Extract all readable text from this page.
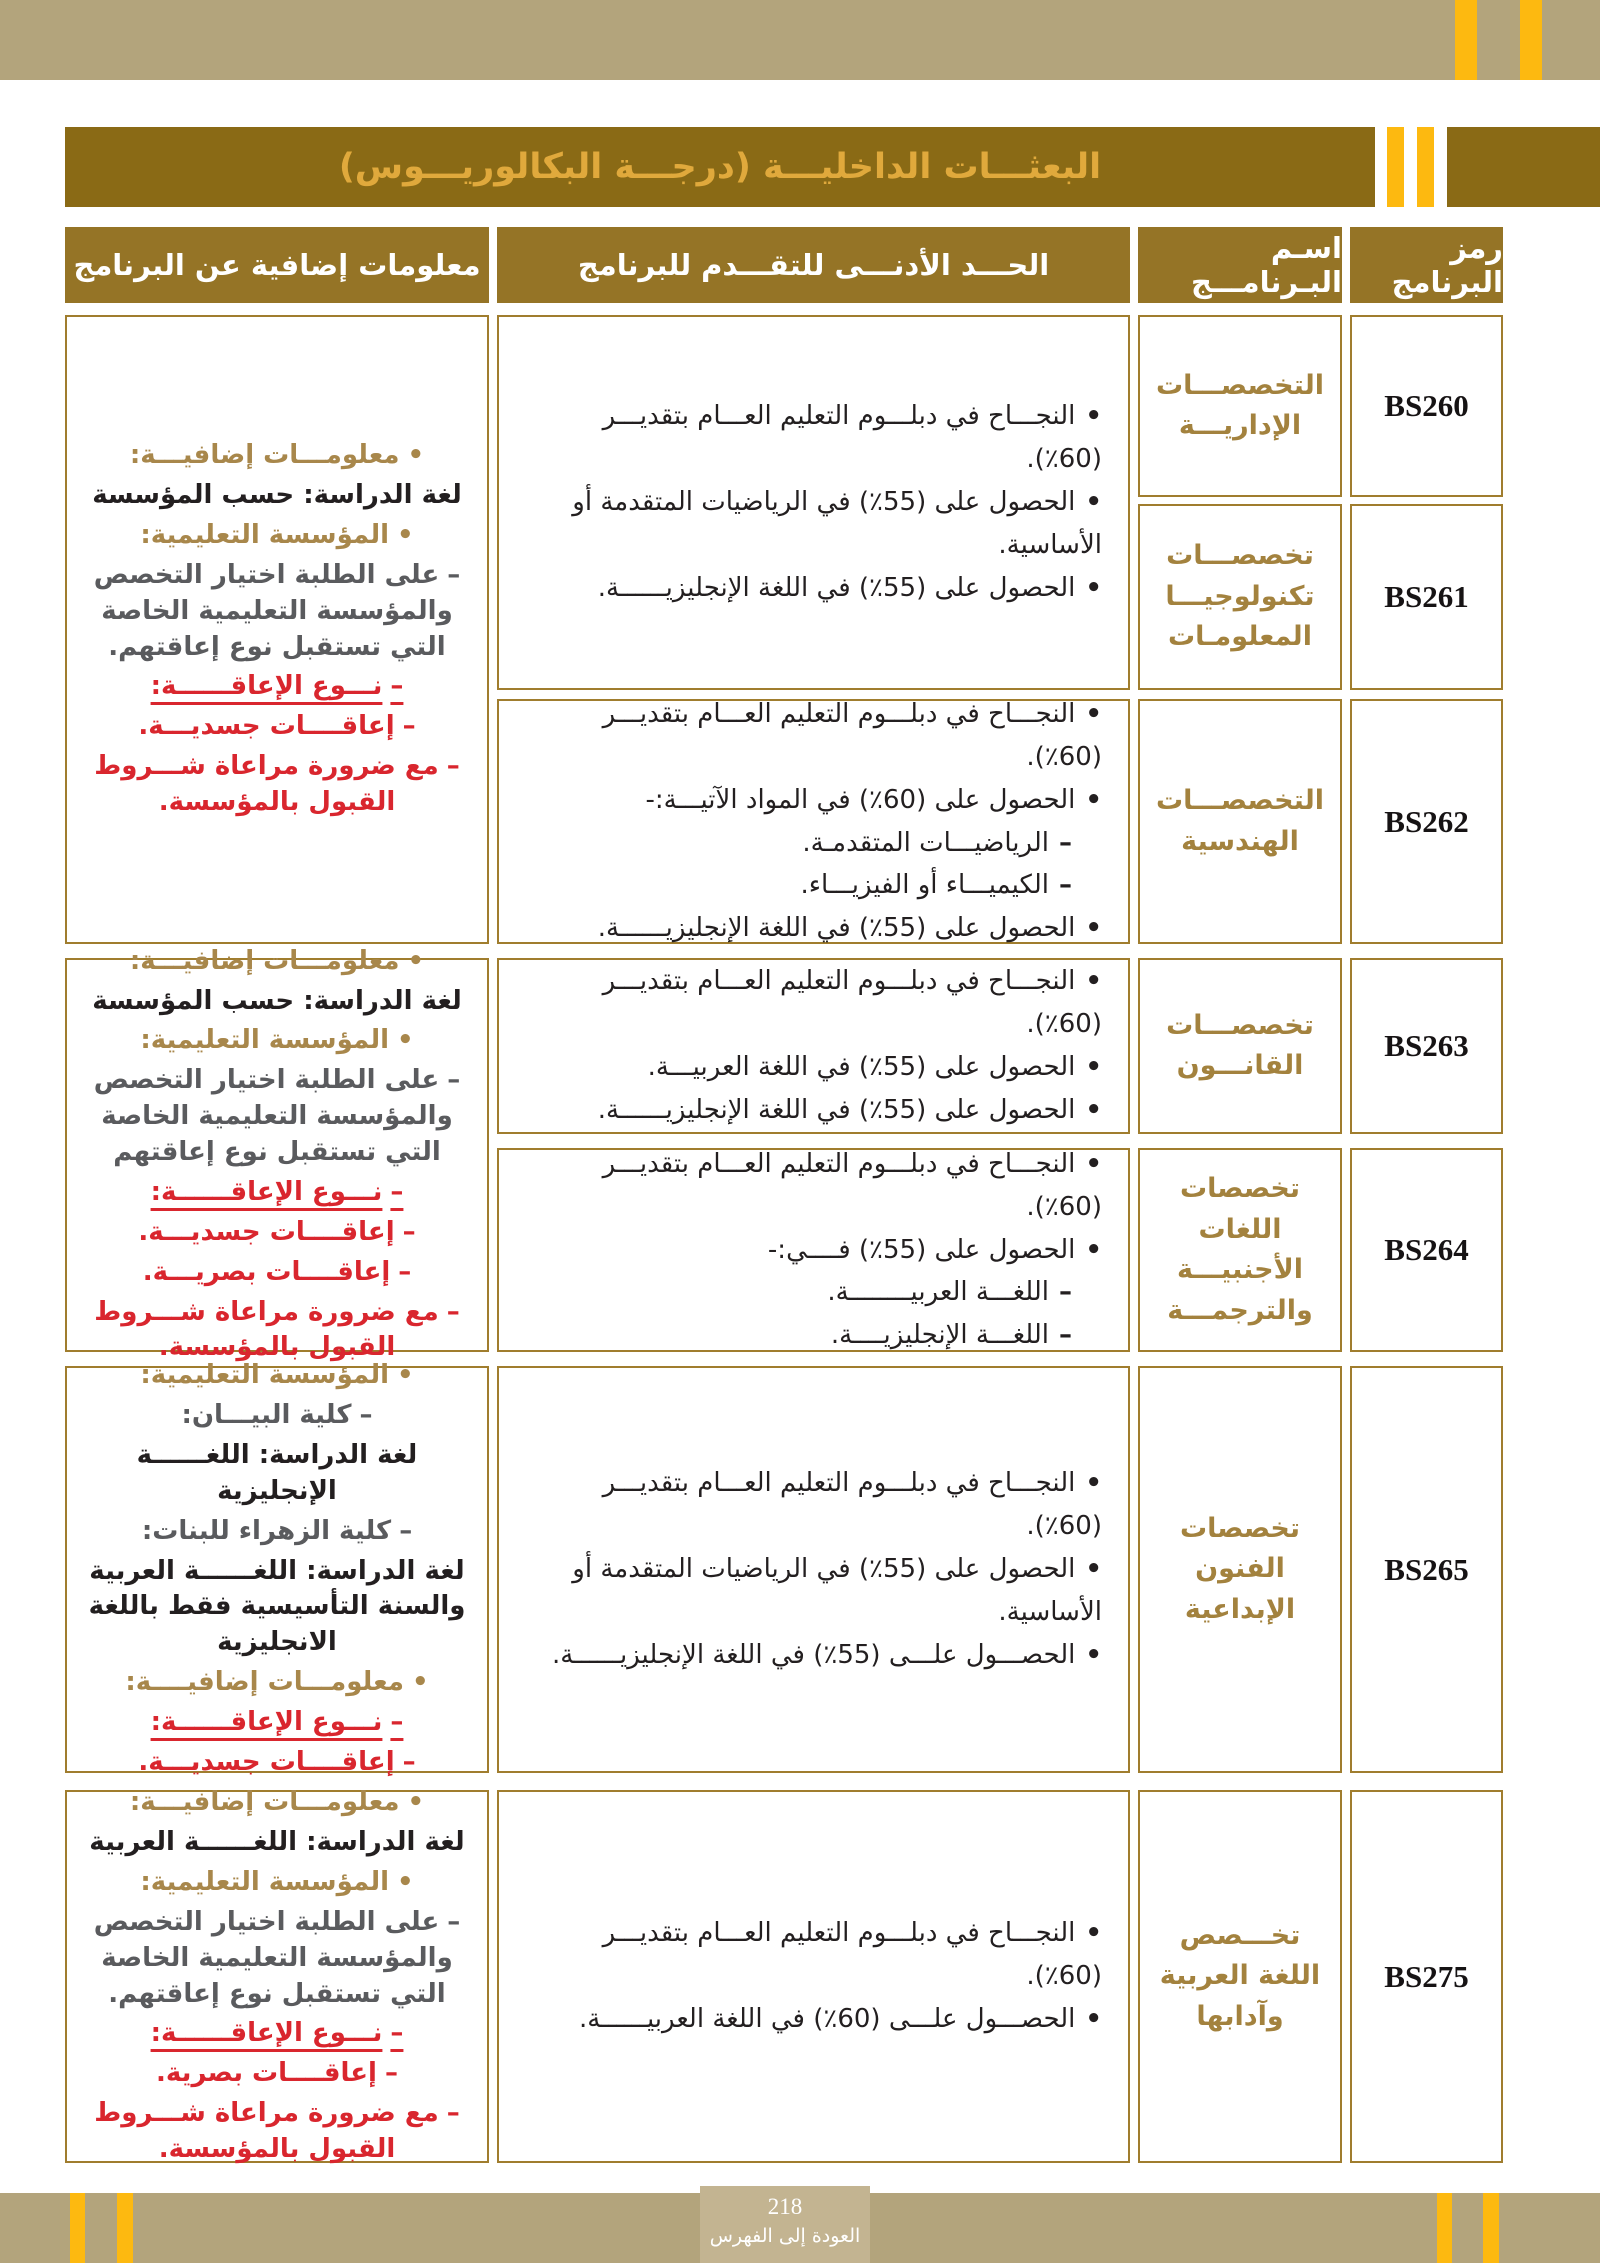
البعثـــات الداخليـــة (درجـــة البكالوريـــوس)
معلومات إضافية عن البرنامج	الحـــد الأدنـــى للتقـــدم للبرنامج	اسـم البـرنامـــج
رمز البرنامج
BS260
BS261
BS262
BS263
BS264
BS265
BS275
التخصصـــات الإداريـــة
تخصصـــات تكنولوجيـــا المعلومـات
التخصصـــات الهندسية
تخصصـــات القانـــون
تخصصات اللغات الأجنبيـــة والترجمـــة
تخصصات الفنون الإبداعية
تخـــصص اللغة العربية وآدابها
•النجـــاح في دبلـــوم التعليم العـــام بتقديـــر (60٪).
•الحصول على (55٪) في الرياضيات المتقدمة أو الأساسية.
•الحصول على (55٪) في اللغة الإنجليزيــــــة.
•النجـــاح في دبلـــوم التعليم العـــام بتقديـــر (60٪).
•الحصول على (60٪) في المواد الآتيـــة:-
–الرياضيـــات المتقدمـة.
–الكيميـــاء أو الفيزيـــاء.
•الحصول على (55٪) في اللغة الإنجليزيــــــة.
•النجـــاح في دبلـــوم التعليم العـــام بتقديـــر (60٪).
•الحصول على (55٪) في اللغة العربيـــة.
•الحصول على (55٪) في اللغة الإنجليزيــــــة.
•النجـــاح في دبلـــوم التعليم العـــام بتقديـــر (60٪).
•الحصول على (55٪) فــــي:-
–اللغـــة العربيــــــــة.
–اللغـــة الإنجليزيــــة.
•النجـــاح في دبلـــوم التعليم العـــام بتقديـــر (60٪).
•الحصول على (55٪) في الرياضيات المتقدمة أو الأساسية.
•الحصـــول علـــى (55٪) في اللغة الإنجليزيــــــة.
•النجـــاح في دبلـــوم التعليم العـــام بتقديـــر (60٪).
•الحصـــول علـــى (60٪) في اللغة العربيــــــة.
•معلومـــات إضافيـــة:
لغة الدراسة: حسب المؤسسة
•المؤسسة التعليمية:
–على الطلبة اختيار التخصص والمؤسسة التعليمية الخاصة التي تستقبل نوع إعاقتهم.
–نـــوع الإعاقــــــة:
–إعاقــــات جسديـــة.
–مع ضرورة مراعاة شـــروط القبول بالمؤسسة.
•معلومـــات إضافيـــة:
لغة الدراسة: حسب المؤسسة
•المؤسسة التعليمية:
–على الطلبة اختيار التخصص والمؤسسة التعليمية الخاصة التي تستقبل نوع إعاقتهم
–نـــوع الإعاقــــــة:
–إعاقــــات جسديـــة.
–إعاقــــات بصريـــة.
–مع ضرورة مراعاة شـــروط القبول بالمؤسسة.
•المؤسسة التعليمية:
–كلية البيـــان:
لغة الدراسة: اللغــــــة الإنجليزية
–كلية الزهراء للبنات:
لغة الدراسة: اللغــــــة العربية والسنة التأسيسية فقط باللغة الانجليزية
•معلومـــات إضافيــــة:
–نـــوع الإعاقــــــة:
–إعاقــــات جسديـــة.
•معلومـــات إضافيـــة:
لغة الدراسة: اللغــــــة العربية
•المؤسسة التعليمية:
–على الطلبة اختيار التخصص والمؤسسة التعليمية الخاصة التي تستقبل نوع إعاقتهم.
–نـــوع الإعاقــــــة:
–إعاقــــات بصرية.
–مع ضرورة مراعاة شـــروط القبول بالمؤسسة.
218
العودة إلى الفهرس
